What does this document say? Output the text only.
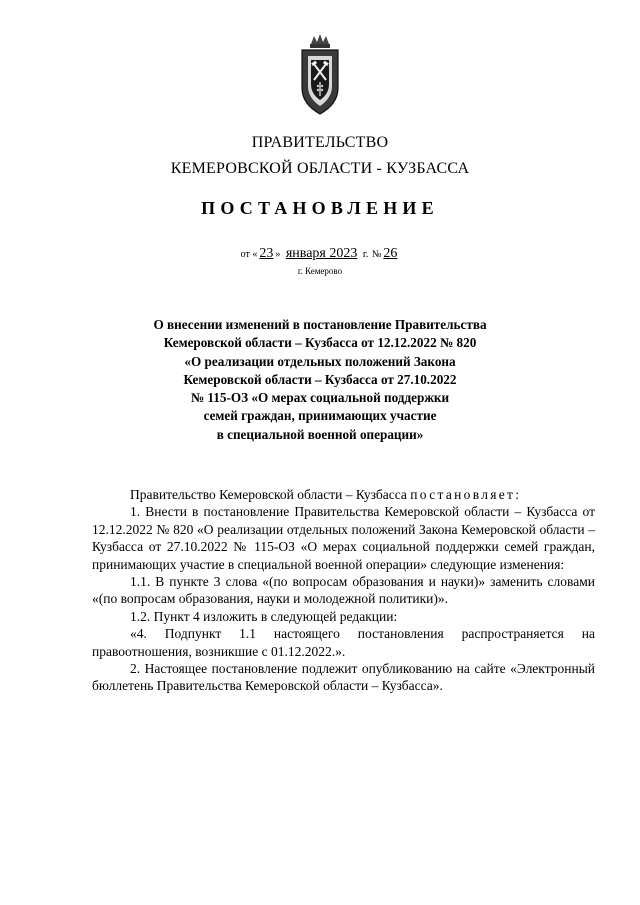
ПРАВИТЕЛЬСТВО
КЕМЕРОВСКОЙ ОБЛАСТИ - КУЗБАССА
ПОСТАНОВЛЕНИЕ
от « 23 » января 2023 г. № 26
г. Кемерово
О внесении изменений в постановление Правительства
Кемеровской области – Кузбасса от 12.12.2022 № 820
«О реализации отдельных положений Закона
Кемеровской области – Кузбасса от 27.10.2022
№ 115-ОЗ «О мерах социальной поддержки
семей граждан, принимающих участие
в специальной военной операции»

Правительство Кемеровской области – Кузбасса постановляет:

1. Внести в постановление Правительства Кемеровской области – Кузбасса от 12.12.2022 № 820 «О реализации отдельных положений Закона Кемеровской области – Кузбасса от 27.10.2022 № 115-ОЗ «О мерах социальной поддержки семей граждан, принимающих участие в специальной военной операции» следующие изменения:

1.1. В пункте 3 слова «(по вопросам образования и науки)» заменить словами «(по вопросам образования, науки и молодежной политики)».

1.2. Пункт 4 изложить в следующей редакции:

«4. Подпункт 1.1 настоящего постановления распространяется на правоотношения, возникшие с 01.12.2022.».

2. Настоящее постановление подлежит опубликованию на сайте «Электронный бюллетень Правительства Кемеровской области – Кузбасса».
